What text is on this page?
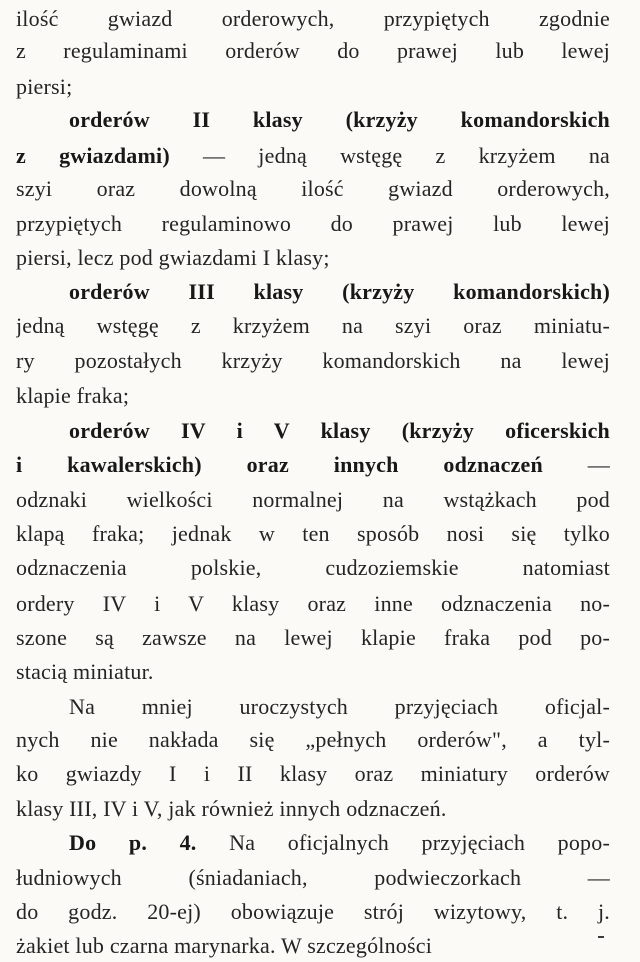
ilość gwiazd orderowych, przypiętych zgodnie
z regulaminami orderów do prawej lub lewej
piersi;
orderów II klasy (krzyży komandorskich
z gwiazdami) — jedną wstęgę z krzyżem na
szyi oraz dowolną ilość gwiazd orderowych,
przypiętych regulaminowo do prawej lub lewej
piersi, lecz pod gwiazdami I klasy;
orderów III klasy (krzyży komandorskich)
jedną wstęgę z krzyżem na szyi oraz miniatu-
ry pozostałych krzyży komandorskich na lewej
klapie fraka;
orderów IV i V klasy (krzyży oficerskich
i kawalerskich) oraz innych odznaczeń —
odznaki wielkości normalnej na wstążkach pod
klapą fraka; jednak w ten sposób nosi się tylko
odznaczenia polskie, cudzoziemskie natomiast
ordery IV i V klasy oraz inne odznaczenia no-
szone są zawsze na lewej klapie fraka pod po-
stacią miniatur.
Na mniej uroczystych przyjęciach oficjal-
nych nie nakłada się „pełnych orderów", a tyl-
ko gwiazdy I i II klasy oraz miniatury orderów
klasy III, IV i V, jak również innych odznaczeń.
Do p. 4. Na oficjalnych przyjęciach popo-
łudniowych (śniadaniach, podwieczorkach —
do godz. 20-ej) obowiązuje strój wizytowy, t. j.
żakiet lub czarna marynarka. W szczególności
